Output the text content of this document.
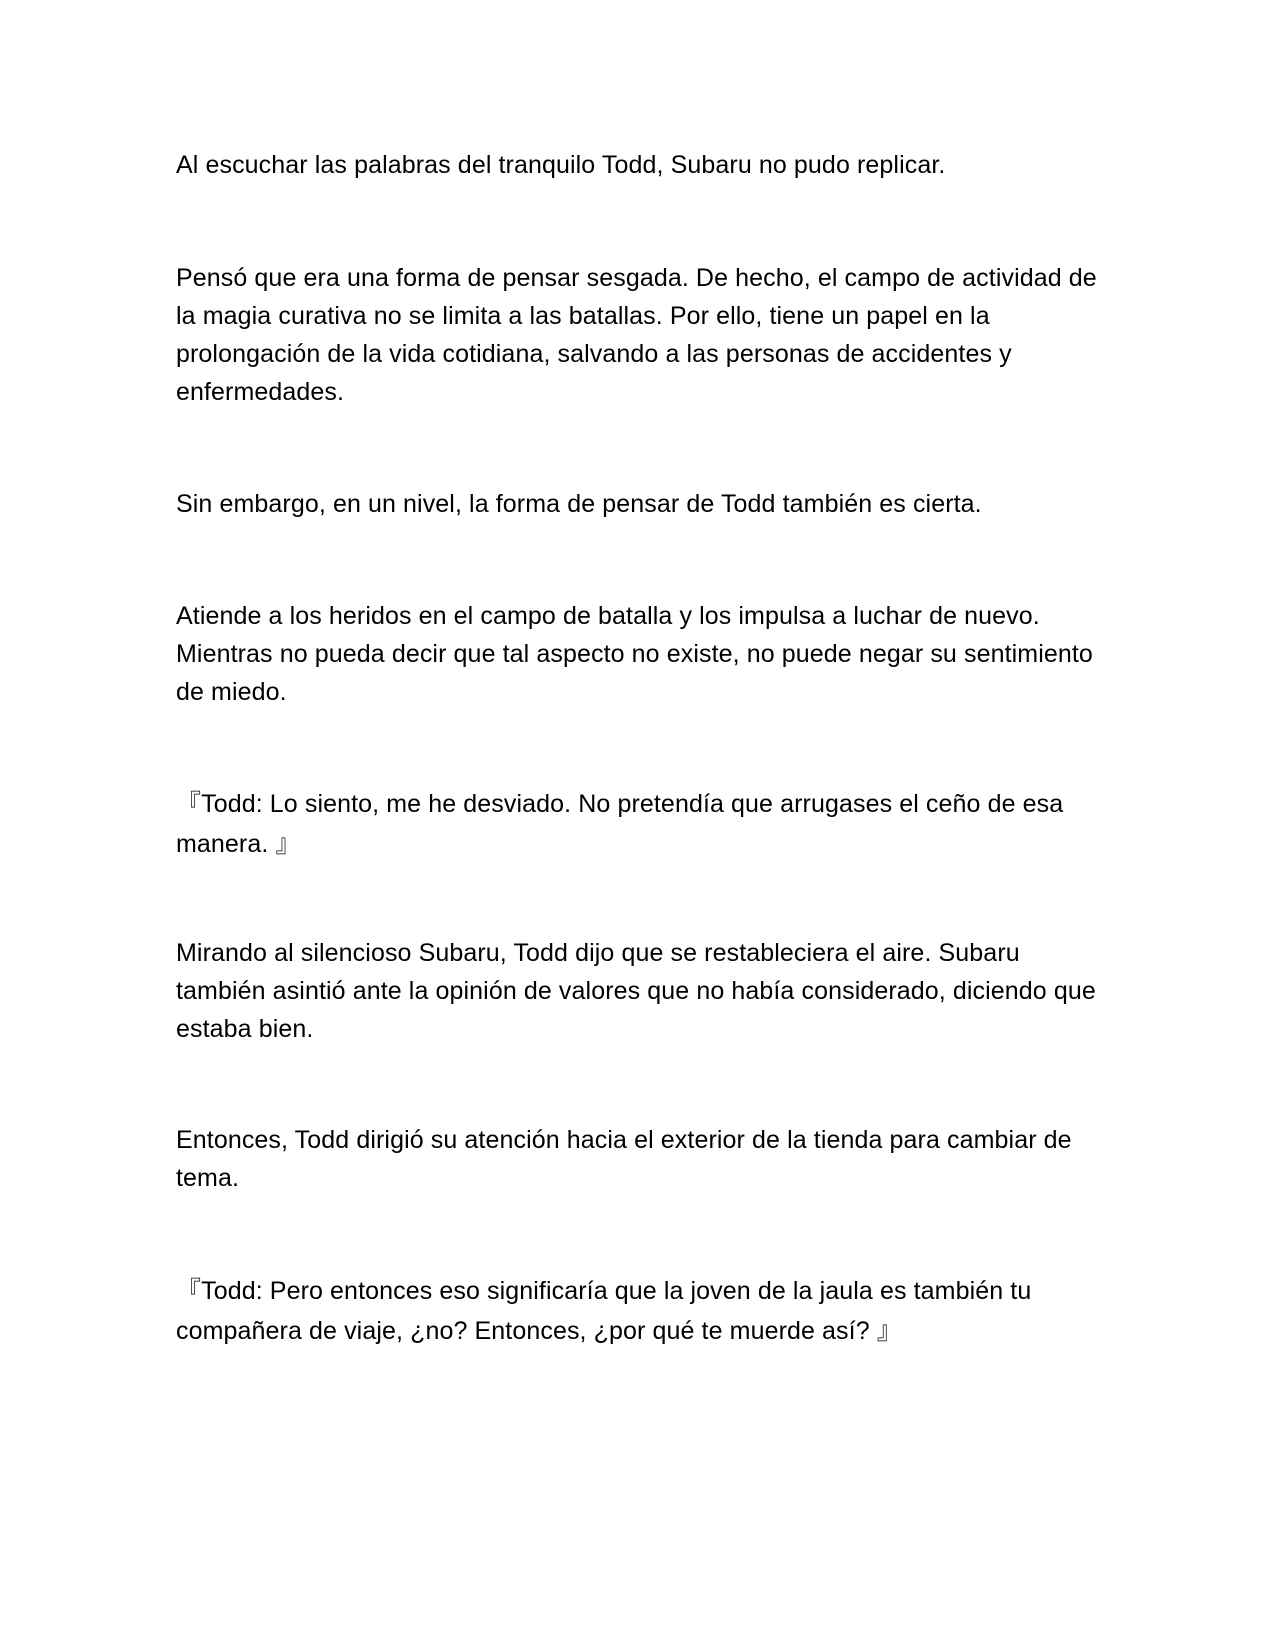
Al escuchar las palabras del tranquilo Todd, Subaru no pudo replicar.

Pensó que era una forma de pensar sesgada. De hecho, el campo de actividad de la magia curativa no se limita a las batallas. Por ello, tiene un papel en la prolongación de la vida cotidiana, salvando a las personas de accidentes y enfermedades.

Sin embargo, en un nivel, la forma de pensar de Todd también es cierta.

Atiende a los heridos en el campo de batalla y los impulsa a luchar de nuevo. Mientras no pueda decir que tal aspecto no existe, no puede negar su sentimiento de miedo.

『Todd: Lo siento, me he desviado. No pretendía que arrugases el ceño de esa manera. 』

Mirando al silencioso Subaru, Todd dijo que se restableciera el aire. Subaru también asintió ante la opinión de valores que no había considerado, diciendo que estaba bien.

Entonces, Todd dirigió su atención hacia el exterior de la tienda para cambiar de tema.

『Todd: Pero entonces eso significaría que la joven de la jaula es también tu compañera de viaje, ¿no? Entonces, ¿por qué te muerde así? 』
